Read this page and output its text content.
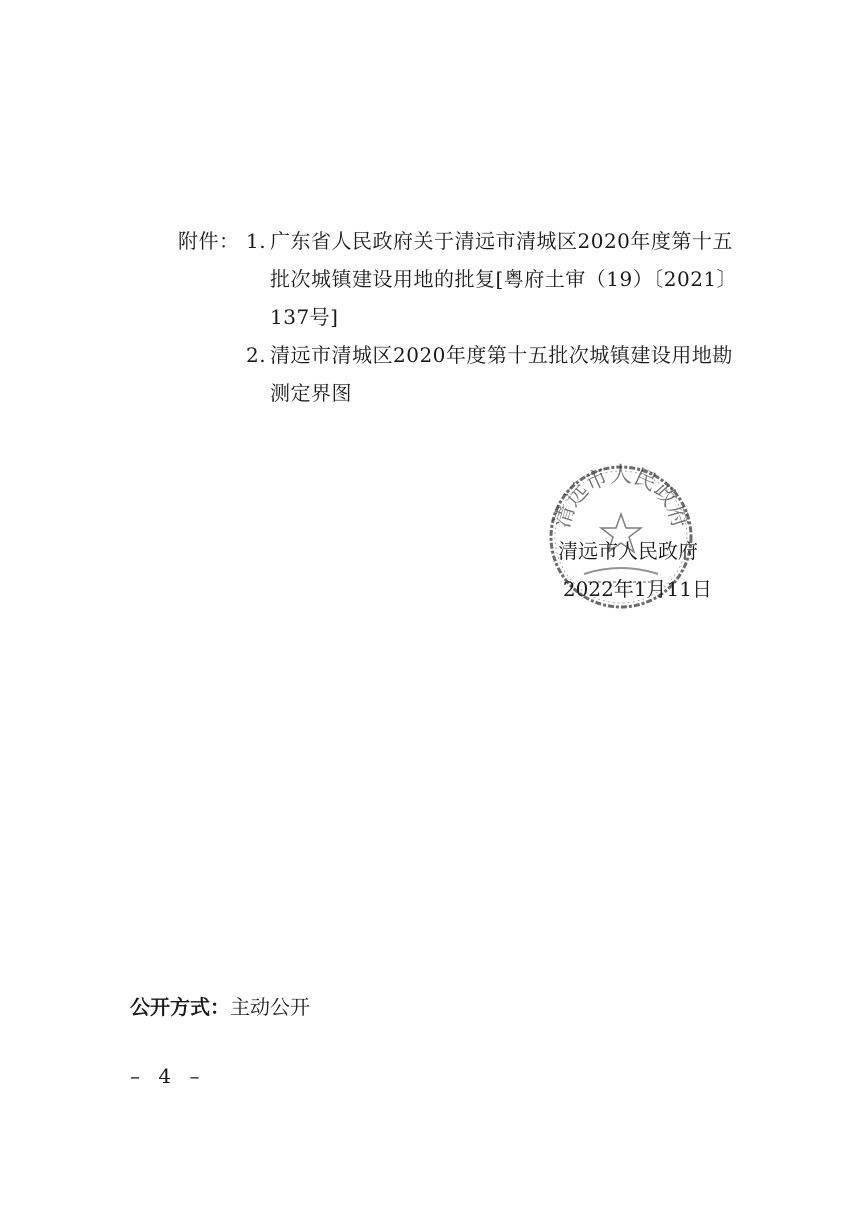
附件： 1. 广东省人民政府关于清远市清城区2020年度第十五批次城镇建设用地的批复[粤府土审（19）〔2021〕137号]
2. 清远市清城区2020年度第十五批次城镇建设用地勘测定界图
清远市人民政府
清远市人民政府
2022年1月11日
公开方式：主动公开
– 4 –
